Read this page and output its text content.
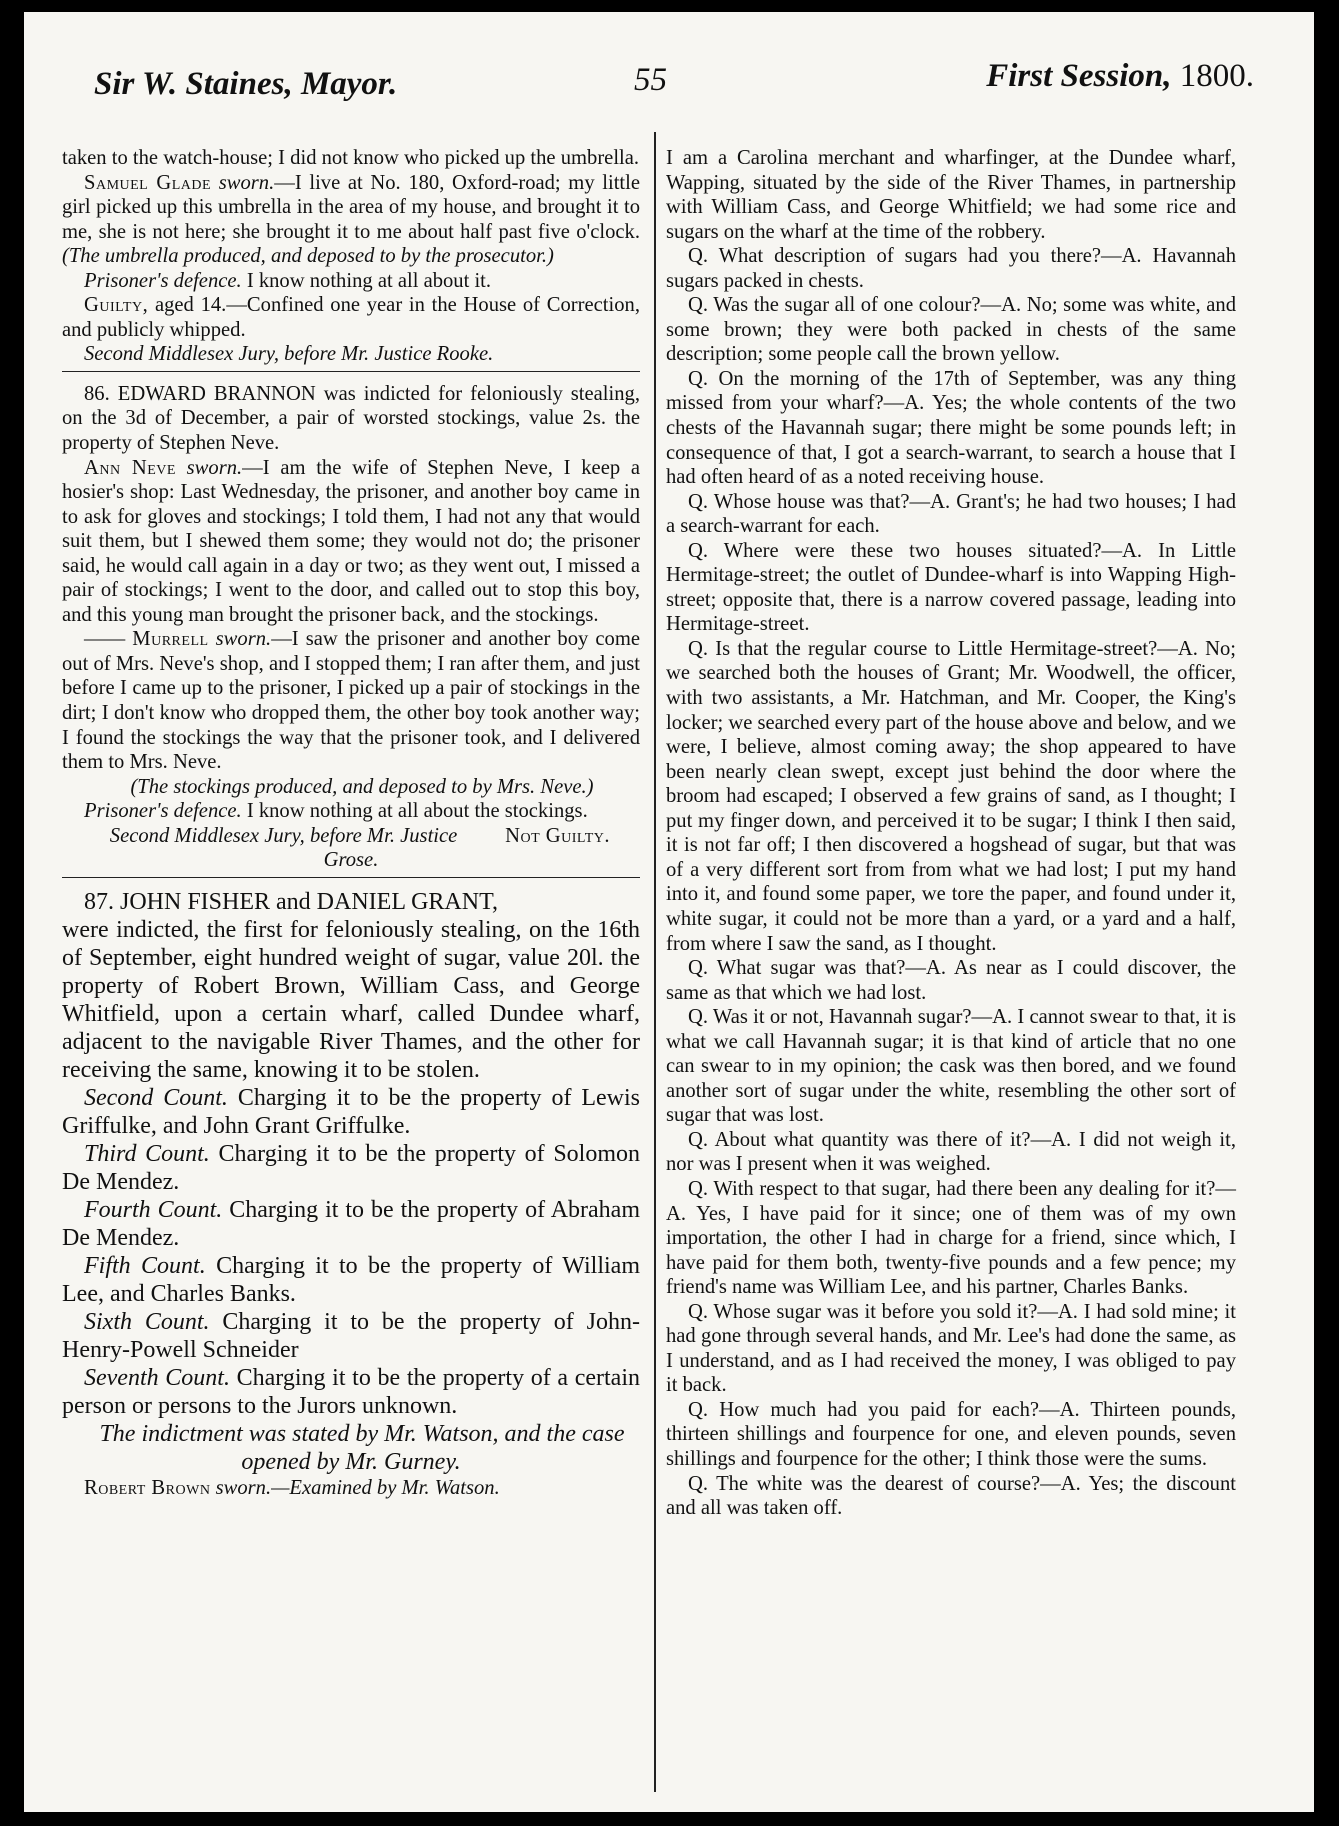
Sir W. Staines, Mayor.	55	First Session, 1800.

taken to the watch-house; I did not know who picked up the umbrella.

Samuel Glade sworn.—I live at No. 180, Oxford-road; my little girl picked up this umbrella in the area of my house, and brought it to me, she is not here; she brought it to me about half past five o'clock. (The umbrella produced, and deposed to by the prosecutor.)

Prisoner's defence. I know nothing at all about it.

Guilty, aged 14.—Confined one year in the House of Correction, and publicly whipped.

Second Middlesex Jury, before Mr. Justice Rooke.

86. EDWARD BRANNON was indicted for feloniously stealing, on the 3d of December, a pair of worsted stockings, value 2s. the property of Stephen Neve.

Ann Neve sworn.—I am the wife of Stephen Neve, I keep a hosier's shop: Last Wednesday, the prisoner, and another boy came in to ask for gloves and stockings; I told them, I had not any that would suit them, but I shewed them some; they would not do; the prisoner said, he would call again in a day or two; as they went out, I missed a pair of stockings; I went to the door, and called out to stop this boy, and this young man brought the prisoner back, and the stockings.

—— Murrell sworn.—I saw the prisoner and another boy come out of Mrs. Neve's shop, and I stopped them; I ran after them, and just before I came up to the prisoner, I picked up a pair of stockings in the dirt; I don't know who dropped them, the other boy took another way; I found the stockings the way that the prisoner took, and I delivered them to Mrs. Neve.

(The stockings produced, and deposed to by Mrs. Neve.)

Prisoner's defence. I know nothing at all about the stockings.
Not Guilty.

Second Middlesex Jury, before Mr. Justice Grose.

87. JOHN FISHER and DANIEL GRANT,

were indicted, the first for feloniously stealing, on the 16th of September, eight hundred weight of sugar, value 20l. the property of Robert Brown, William Cass, and George Whitfield, upon a certain wharf, called Dundee wharf, adjacent to the navigable River Thames, and the other for receiving the same, knowing it to be stolen.

Second Count. Charging it to be the property of Lewis Griffulke, and John Grant Griffulke.

Third Count. Charging it to be the property of Solomon De Mendez.

Fourth Count. Charging it to be the property of Abraham De Mendez.

Fifth Count. Charging it to be the property of William Lee, and Charles Banks.

Sixth Count. Charging it to be the property of John-Henry-Powell Schneider

Seventh Count. Charging it to be the property of a certain person or persons to the Jurors unknown.

The indictment was stated by Mr. Watson, and the case opened by Mr. Gurney.

Robert Brown sworn.—Examined by Mr. Watson.

I am a Carolina merchant and wharfinger, at the Dundee wharf, Wapping, situated by the side of the River Thames, in partnership with William Cass, and George Whitfield; we had some rice and sugars on the wharf at the time of the robbery.

Q. What description of sugars had you there?—A. Havannah sugars packed in chests.

Q. Was the sugar all of one colour?—A. No; some was white, and some brown; they were both packed in chests of the same description; some people call the brown yellow.

Q. On the morning of the 17th of September, was any thing missed from your wharf?—A. Yes; the whole contents of the two chests of the Havannah sugar; there might be some pounds left; in consequence of that, I got a search-warrant, to search a house that I had often heard of as a noted receiving house.

Q. Whose house was that?—A. Grant's; he had two houses; I had a search-warrant for each.

Q. Where were these two houses situated?—A. In Little Hermitage-street; the outlet of Dundee-wharf is into Wapping High-street; opposite that, there is a narrow covered passage, leading into Hermitage-street.

Q. Is that the regular course to Little Hermitage-street?—A. No; we searched both the houses of Grant; Mr. Woodwell, the officer, with two assistants, a Mr. Hatchman, and Mr. Cooper, the King's locker; we searched every part of the house above and below, and we were, I believe, almost coming away; the shop appeared to have been nearly clean swept, except just behind the door where the broom had escaped; I observed a few grains of sand, as I thought; I put my finger down, and perceived it to be sugar; I think I then said, it is not far off; I then discovered a hogshead of sugar, but that was of a very different sort from from what we had lost; I put my hand into it, and found some paper, we tore the paper, and found under it, white sugar, it could not be more than a yard, or a yard and a half, from where I saw the sand, as I thought.

Q. What sugar was that?—A. As near as I could discover, the same as that which we had lost.

Q. Was it or not, Havannah sugar?—A. I cannot swear to that, it is what we call Havannah sugar; it is that kind of article that no one can swear to in my opinion; the cask was then bored, and we found another sort of sugar under the white, resembling the other sort of sugar that was lost.

Q. About what quantity was there of it?—A. I did not weigh it, nor was I present when it was weighed.

Q. With respect to that sugar, had there been any dealing for it?—A. Yes, I have paid for it since; one of them was of my own importation, the other I had in charge for a friend, since which, I have paid for them both, twenty-five pounds and a few pence; my friend's name was William Lee, and his partner, Charles Banks.

Q. Whose sugar was it before you sold it?—A. I had sold mine; it had gone through several hands, and Mr. Lee's had done the same, as I understand, and as I had received the money, I was obliged to pay it back.

Q. How much had you paid for each?—A. Thirteen pounds, thirteen shillings and fourpence for one, and eleven pounds, seven shillings and fourpence for the other; I think those were the sums.

Q. The white was the dearest of course?—A. Yes; the discount and all was taken off.
